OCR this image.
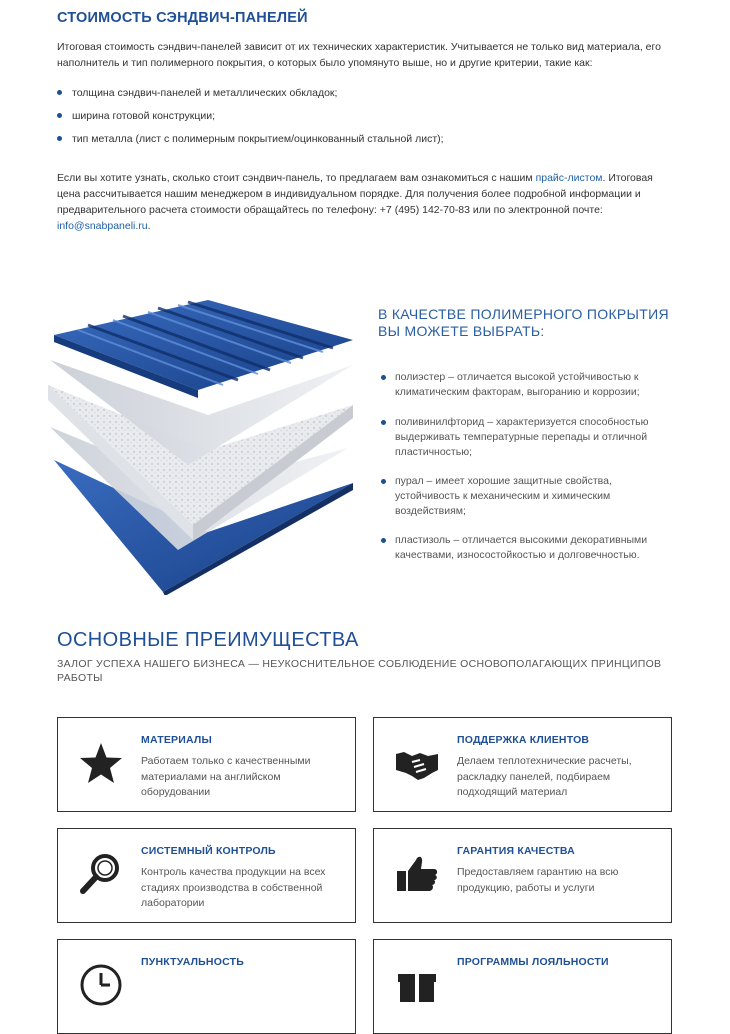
СТОИМОСТЬ СЭНДВИЧ-ПАНЕЛЕЙ
Итоговая стоимость сэндвич-панелей зависит от их технических характеристик. Учитывается не только вид материала, его наполнитель и тип полимерного покрытия, о которых было упомянуто выше, но и другие критерии, такие как:
толщина сэндвич-панелей и металлических обкладок;
ширина готовой конструкции;
тип металла (лист с полимерным покрытием/оцинкованный стальной лист);
Если вы хотите узнать, сколько стоит сэндвич-панель, то предлагаем вам ознакомиться с нашим прайс-листом. Итоговая цена рассчитывается нашим менеджером в индивидуальном порядке. Для получения более подробной информации и предварительного расчета стоимости обращайтесь по телефону: +7 (495) 142-70-83 или по электронной почте: info@snabpaneli.ru.
В КАЧЕСТВЕ ПОЛИМЕРНОГО ПОКРЫТИЯ
ВЫ МОЖЕТЕ ВЫБРАТЬ:
полиэстер – отличается высокой устойчивостью к климатическим факторам, выгоранию и коррозии;
поливинилфторид – характеризуется способностью выдерживать температурные перепады и отличной пластичностью;
пурал – имеет хорошие защитные свойства, устойчивость к механическим и химическим воздействиям;
пластизоль – отличается высокими декоративными качествами, износостойкостью и долговечностью.
ОСНОВНЫЕ ПРЕИМУЩЕСТВА
ЗАЛОГ УСПЕХА НАШЕГО БИЗНЕСА — НЕУКОСНИТЕЛЬНОЕ СОБЛЮДЕНИЕ ОСНОВОПОЛАГАЮЩИХ ПРИНЦИПОВ РАБОТЫ
МАТЕРИАЛЫ
Работаем только с качественными материалами на английском оборудовании
ПОДДЕРЖКА КЛИЕНТОВ
Делаем теплотехнические расчеты, раскладку панелей, подбираем подходящий материал
СИСТЕМНЫЙ КОНТРОЛЬ
Контроль качества продукции на всех стадиях производства в собственной лаборатории
ГАРАНТИЯ КАЧЕСТВА
Предоставляем гарантию на всю продукцию, работы и услуги
ПУНКТУАЛЬНОСТЬ	ПРОГРАММЫ ЛОЯЛЬНОСТИ
